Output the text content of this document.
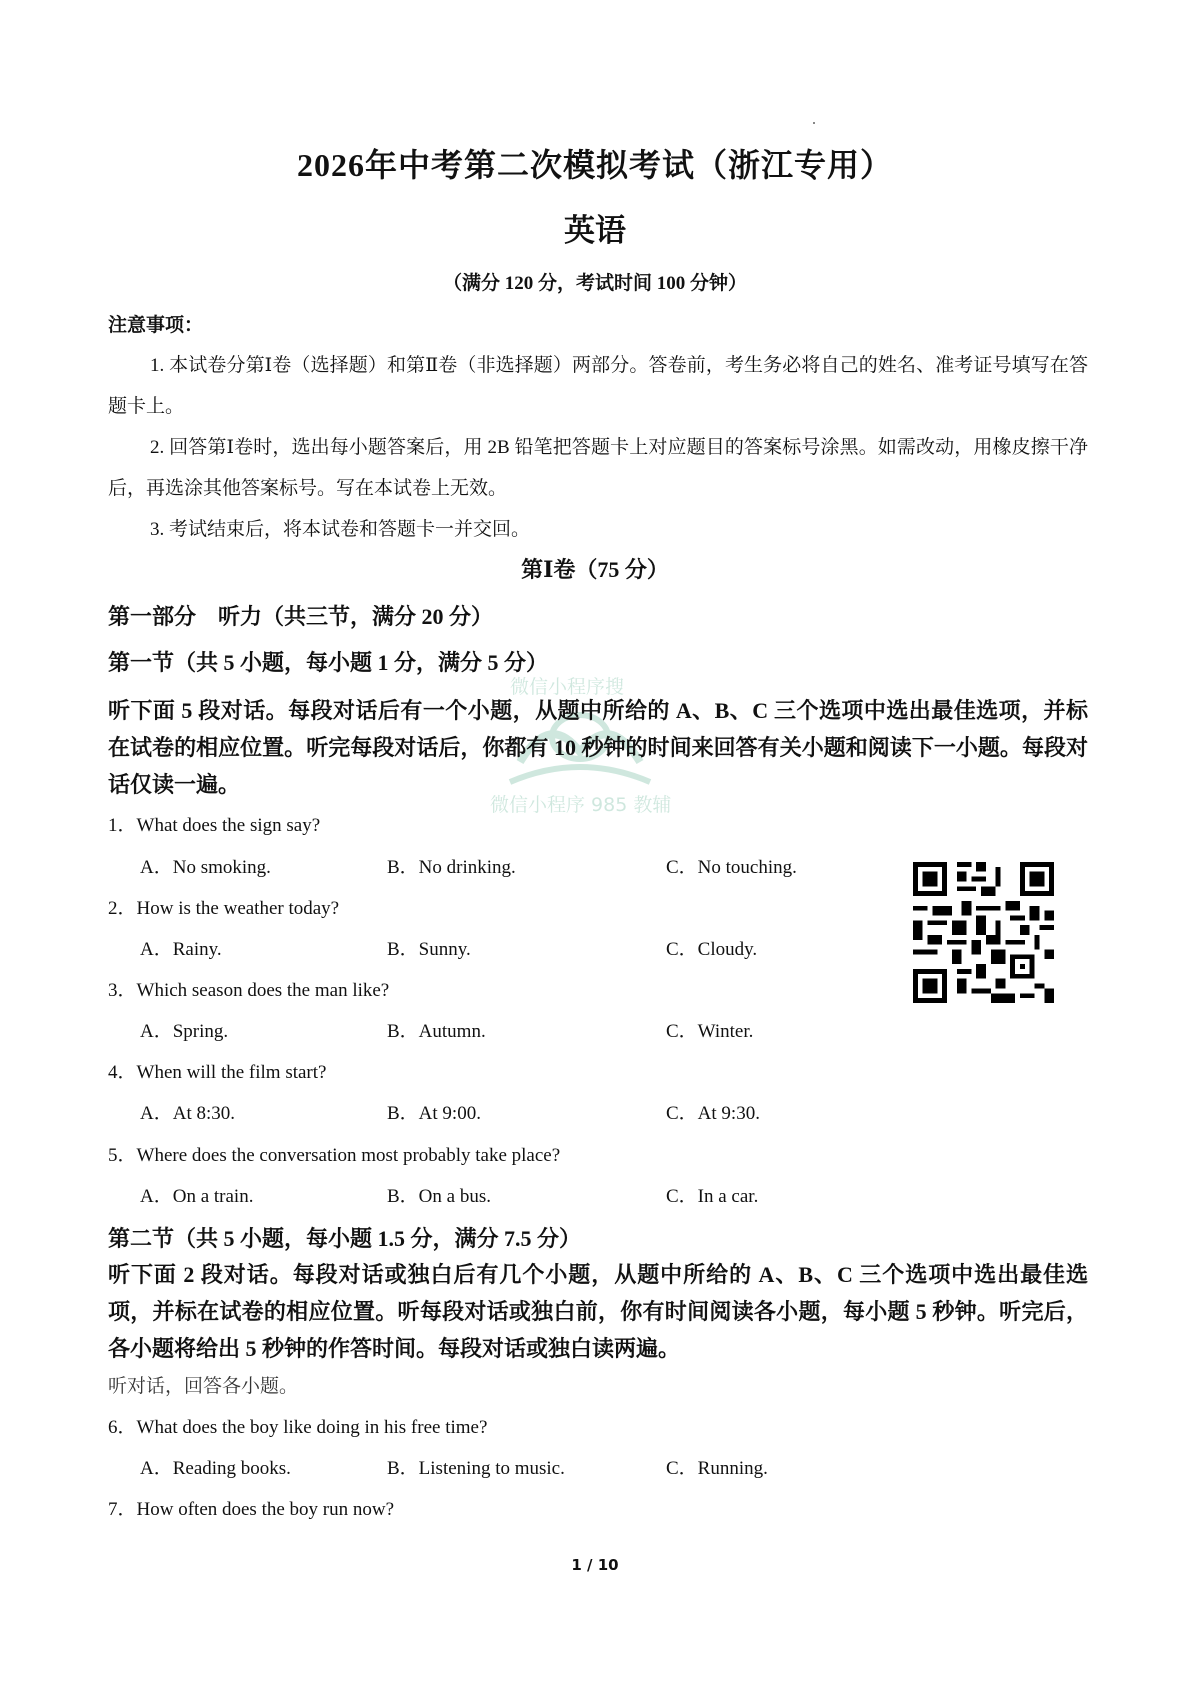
2026年中考第二次模拟考试（浙江专用）
英语
（满分 120 分，考试时间 100 分钟）
注意事项：
1. 本试卷分第Ⅰ卷（选择题）和第Ⅱ卷（非选择题）两部分。答卷前，考生务必将自己的姓名、准考证号填写在答题卡上。
2. 回答第Ⅰ卷时，选出每小题答案后，用 2B 铅笔把答题卡上对应题目的答案标号涂黑。如需改动，用橡皮擦干净后，再选涂其他答案标号。写在本试卷上无效。
3. 考试结束后，将本试卷和答题卡一并交回。
第Ⅰ卷（75 分）
第一部分　听力（共三节，满分 20 分）
第一节（共 5 小题，每小题 1 分，满分 5 分）
微信小程序搜
微信小程序 985 教辅
听下面 5 段对话。每段对话后有一个小题，从题中所给的 A、B、C 三个选项中选出最佳选项，并标在试卷的相应位置。听完每段对话后，你都有 10 秒钟的时间来回答有关小题和阅读下一小题。每段对话仅读一遍。
1．What does the sign say?
A．No smoking.	B．No drinking.	C．No touching.
2．How is the weather today?
A．Rainy.	B．Sunny.	C．Cloudy.
3．Which season does the man like?
A．Spring.	B．Autumn.	C．Winter.
4．When will the film start?
A．At 8:30.	B．At 9:00.	C．At 9:30.
5．Where does the conversation most probably take place?
A．On a train.	B．On a bus.	C．In a car.
第二节（共 5 小题，每小题 1.5 分，满分 7.5 分）
听下面 2 段对话。每段对话或独白后有几个小题，从题中所给的 A、B、C 三个选项中选出最佳选项，并标在试卷的相应位置。听每段对话或独白前，你有时间阅读各小题，每小题 5 秒钟。听完后，各小题将给出 5 秒钟的作答时间。每段对话或独白读两遍。
听对话，回答各小题。
6．What does the boy like doing in his free time?
A．Reading books.	B．Listening to music.	C．Running.
7．How often does the boy run now?
1 / 10
